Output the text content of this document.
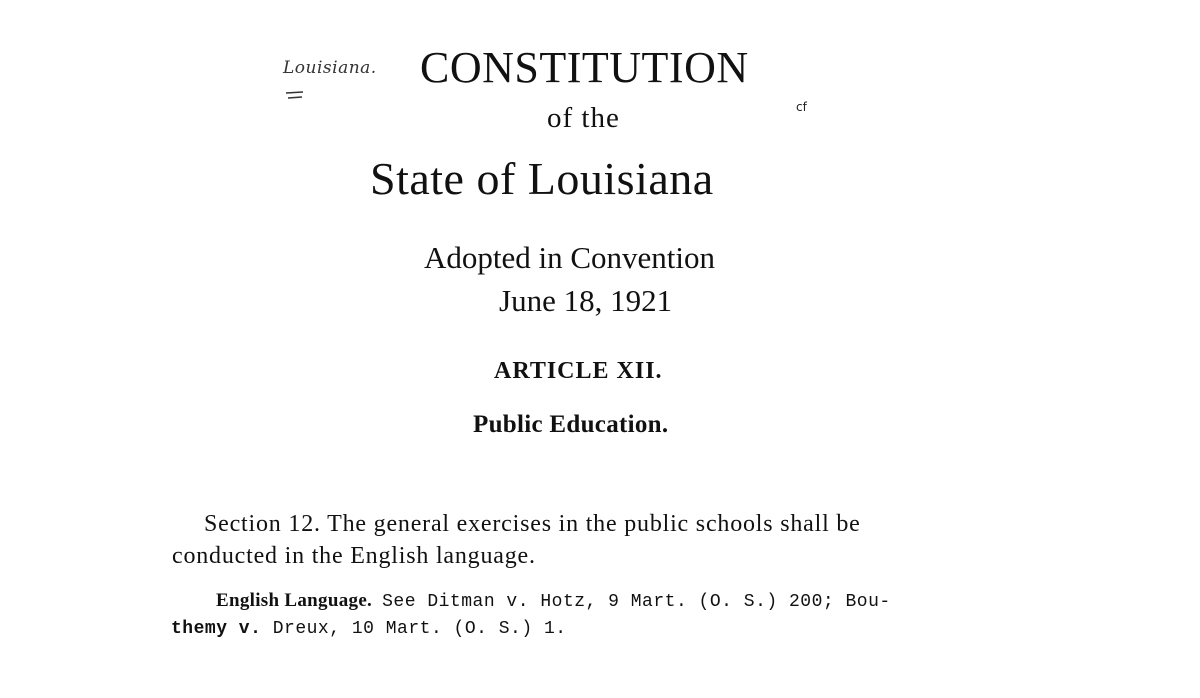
Louisiana.
cf
CONSTITUTION
of the
State of Louisiana
Adopted in Convention
June 18, 1921
ARTICLE XII.
Public Education.
Section 12. The general exercises in the public schools shall be
conducted in the English language.
English Language. See Ditman v. Hotz, 9 Mart. (O. S.) 200; Bou-
themy v. Dreux, 10 Mart. (O. S.) 1.
